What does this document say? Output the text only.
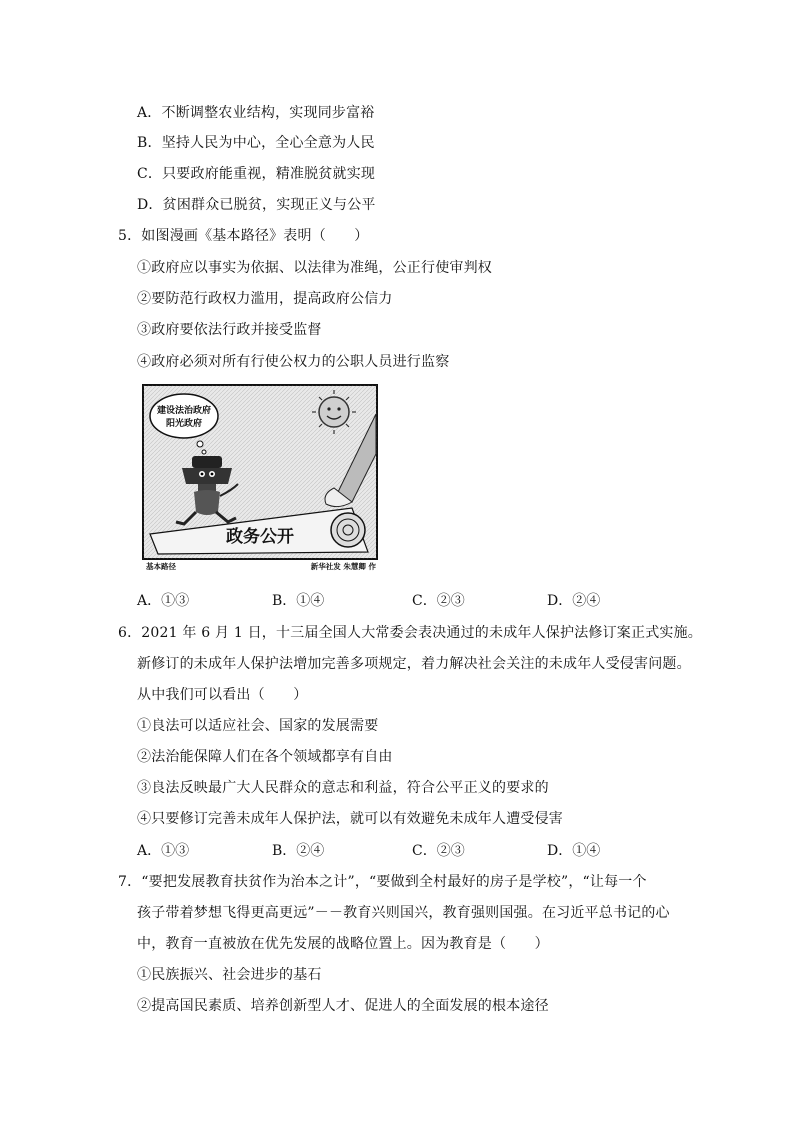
A．不断调整农业结构，实现同步富裕
B．坚持人民为中心，全心全意为人民
C．只要政府能重视，精准脱贫就实现
D．贫困群众已脱贫，实现正义与公平
5．如图漫画《基本路径》表明（　　）
①政府应以事实为依据、以法律为准绳，公正行使审判权
②要防范行政权力滥用，提高政府公信力
③政府要依法行政并接受监督
④政府必须对所有行使公权力的公职人员进行监察
建设法治政府
阳光政府
政务公开
基本路径	新华社发 朱慧卿 作
A．①③	B．①④	C．②③	D．②④
6．2021 年 6 月 1 日，十三届全国人大常委会表决通过的未成年人保护法修订案正式实施。
新修订的未成年人保护法增加完善多项规定，着力解决社会关注的未成年人受侵害问题。
从中我们可以看出（　　）
①良法可以适应社会、国家的发展需要
②法治能保障人们在各个领域都享有自由
③良法反映最广大人民群众的意志和利益，符合公平正义的要求的
④只要修订完善未成年人保护法，就可以有效避免未成年人遭受侵害
A．①③	B．②④	C．②③	D．①④
7．“要把发展教育扶贫作为治本之计”，“要做到全村最好的房子是学校”，“让每一个
孩子带着梦想飞得更高更远”－－教育兴则国兴，教育强则国强。在习近平总书记的心
中，教育一直被放在优先发展的战略位置上。因为教育是（　　）
①民族振兴、社会进步的基石
②提高国民素质、培养创新型人才、促进人的全面发展的根本途径
